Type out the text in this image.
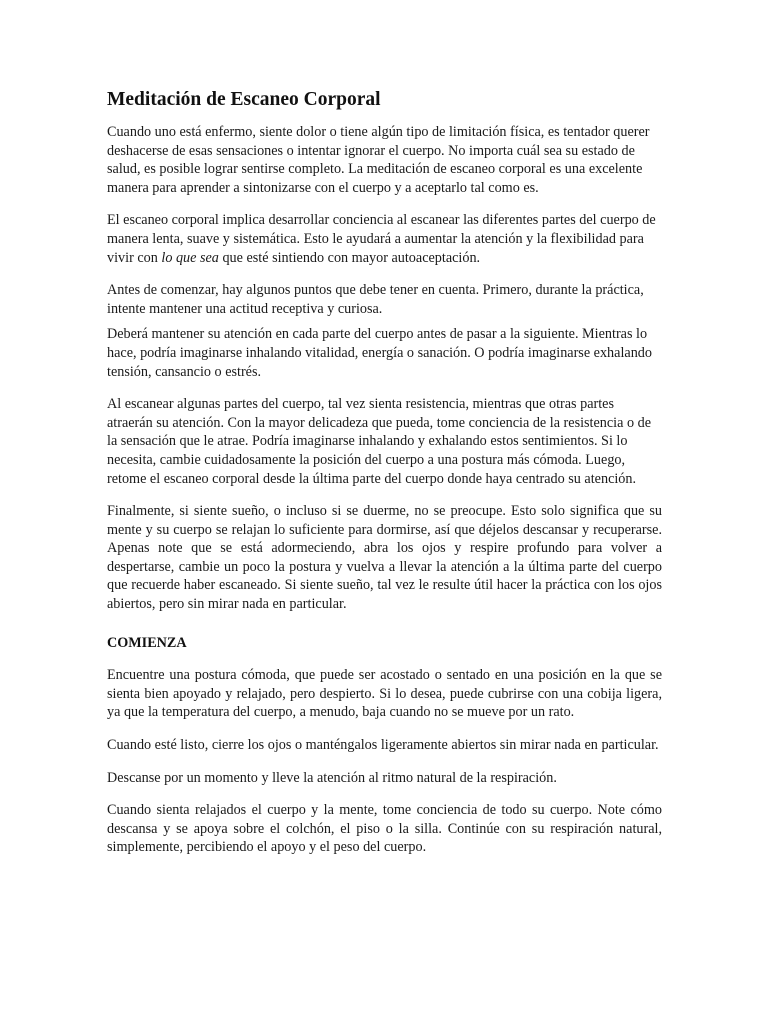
Meditación de Escaneo Corporal

Cuando uno está enfermo, siente dolor o tiene algún tipo de limitación física, es tentador querer deshacerse de esas sensaciones o intentar ignorar el cuerpo. No importa cuál sea su estado de salud, es posible lograr sentirse completo. La meditación de escaneo corporal es una excelente manera para aprender a sintonizarse con el cuerpo y a aceptarlo tal como es.

El escaneo corporal implica desarrollar conciencia al escanear las diferentes partes del cuerpo de manera lenta, suave y sistemática. Esto le ayudará a aumentar la atención y la flexibilidad para vivir con lo que sea que esté sintiendo con mayor autoaceptación.

Antes de comenzar, hay algunos puntos que debe tener en cuenta. Primero, durante la práctica, intente mantener una actitud receptiva y curiosa.

Deberá mantener su atención en cada parte del cuerpo antes de pasar a la siguiente. Mientras lo hace, podría imaginarse inhalando vitalidad, energía o sanación. O podría imaginarse exhalando tensión, cansancio o estrés.

Al escanear algunas partes del cuerpo, tal vez sienta resistencia, mientras que otras partes atraerán su atención. Con la mayor delicadeza que pueda, tome conciencia de la resistencia o de la sensación que le atrae. Podría imaginarse inhalando y exhalando estos sentimientos. Si lo necesita, cambie cuidadosamente la posición del cuerpo a una postura más cómoda. Luego, retome el escaneo corporal desde la última parte del cuerpo donde haya centrado su atención.

Finalmente, si siente sueño, o incluso si se duerme, no se preocupe. Esto solo significa que su mente y su cuerpo se relajan lo suficiente para dormirse, así que déjelos descansar y recuperarse. Apenas note que se está adormeciendo, abra los ojos y respire profundo para volver a despertarse, cambie un poco la postura y vuelva a llevar la atención a la última parte del cuerpo que recuerde haber escaneado. Si siente sueño, tal vez le resulte útil hacer la práctica con los ojos abiertos, pero sin mirar nada en particular.

COMIENZA

Encuentre una postura cómoda, que puede ser acostado o sentado en una posición en la que se sienta bien apoyado y relajado, pero despierto. Si lo desea, puede cubrirse con una cobija ligera, ya que la temperatura del cuerpo, a menudo, baja cuando no se mueve por un rato.

Cuando esté listo, cierre los ojos o manténgalos ligeramente abiertos sin mirar nada en particular.

Descanse por un momento y lleve la atención al ritmo natural de la respiración.

Cuando sienta relajados el cuerpo y la mente, tome conciencia de todo su cuerpo. Note cómo descansa y se apoya sobre el colchón, el piso o la silla. Continúe con su respiración natural, simplemente, percibiendo el apoyo y el peso del cuerpo.
